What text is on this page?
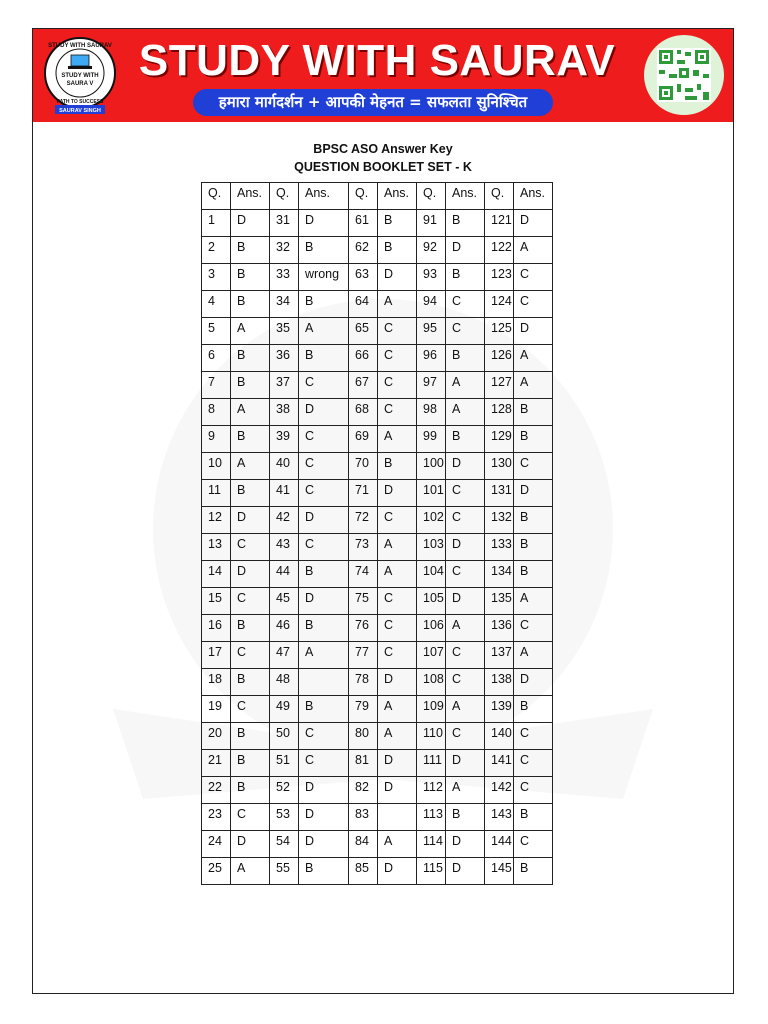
STUDY WITH SAURAV
STUDY WITH
SAURA V
PATH TO SUCCESS
SAURAV SINGH
STUDY WITH SAURAV
हमारा मार्गदर्शन + आपकी मेहनत = सफलता सुनिश्चित
BPSC ASO Answer Key
QUESTION BOOKLET SET - K
Q.	Ans.	Q.	Ans.	Q.	Ans.	Q.	Ans.	Q.	Ans.
1	D	31	D	61	B	91	B	121	D
2	B	32	B	62	B	92	D	122	A
3	B	33	wrong	63	D	93	B	123	C
4	B	34	B	64	A	94	C	124	C
5	A	35	A	65	C	95	C	125	D
6	B	36	B	66	C	96	B	126	A
7	B	37	C	67	C	97	A	127	A
8	A	38	D	68	C	98	A	128	B
9	B	39	C	69	A	99	B	129	B
10	A	40	C	70	B	100	D	130	C
11	B	41	C	71	D	101	C	131	D
12	D	42	D	72	C	102	C	132	B
13	C	43	C	73	A	103	D	133	B
14	D	44	B	74	A	104	C	134	B
15	C	45	D	75	C	105	D	135	A
16	B	46	B	76	C	106	A	136	C
17	C	47	A	77	C	107	C	137	A
18	B	48		78	D	108	C	138	D
19	C	49	B	79	A	109	A	139	B
20	B	50	C	80	A	110	C	140	C
21	B	51	C	81	D	111	D	141	C
22	B	52	D	82	D	112	A	142	C
23	C	53	D	83		113	B	143	B
24	D	54	D	84	A	114	D	144	C
25	A	55	B	85	D	115	D	145	B
